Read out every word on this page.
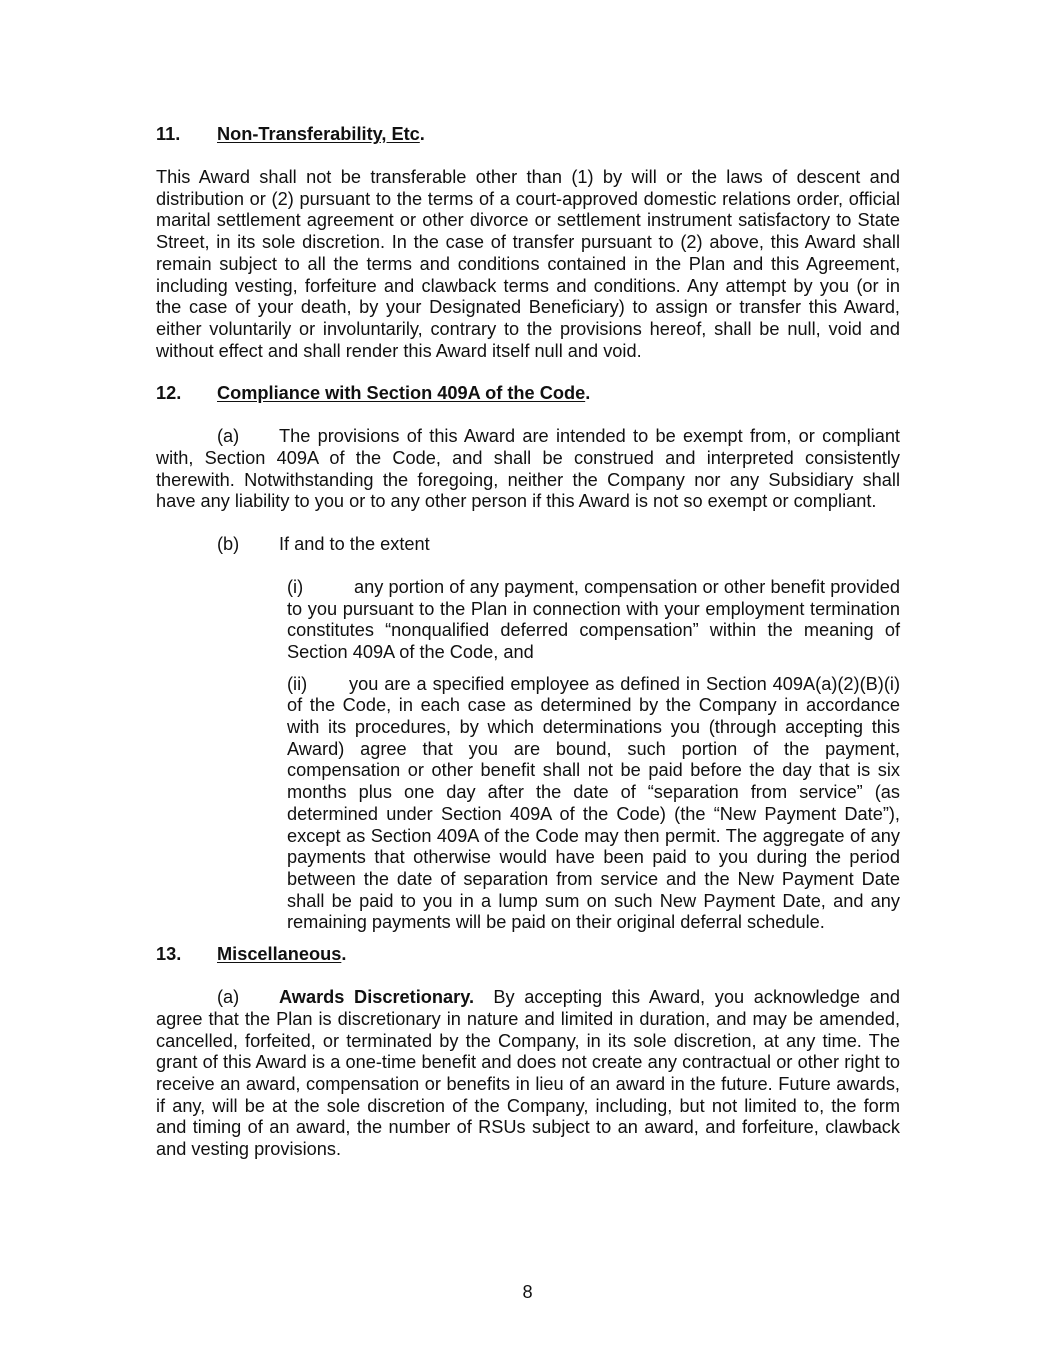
11.	Non-Transferability, Etc.

This Award shall not be transferable other than (1) by will or the laws of descent and distribution or (2) pursuant to the terms of a court-approved domestic relations order, official marital settlement agreement or other divorce or settlement instrument satisfactory to State Street, in its sole discretion. In the case of transfer pursuant to (2) above, this Award shall remain subject to all the terms and conditions contained in the Plan and this Agreement, including vesting, forfeiture and clawback terms and conditions. Any attempt by you (or in the case of your death, by your Designated Beneficiary) to assign or transfer this Award, either voluntarily or involuntarily, contrary to the provisions hereof, shall be null, void and without effect and shall render this Award itself null and void.

12.	Compliance with Section 409A of the Code.

(a) The provisions of this Award are intended to be exempt from, or compliant with, Section 409A of the Code, and shall be construed and interpreted consistently therewith. Notwithstanding the foregoing, neither the Company nor any Subsidiary shall have any liability to you or to any other person if this Award is not so exempt or compliant.

(b)	If and to the extent

(i)	any portion of any payment, compensation or other benefit provided to you pursuant to the Plan in connection with your employment termination constitutes “nonqualified deferred compensation” within the meaning of Section 409A of the Code, and

(ii) you are a specified employee as defined in Section 409A(a)(2)(B)(i) of the Code, in each case as determined by the Company in accordance with its procedures, by which determinations you (through accepting this Award) agree that you are bound, such portion of the payment, compensation or other benefit shall not be paid before the day that is six months plus one day after the date of “separation from service” (as determined under Section 409A of the Code) (the “New Payment Date”), except as Section 409A of the Code may then permit. The aggregate of any payments that otherwise would have been paid to you during the period between the date of separation from service and the New Payment Date shall be paid to you in a lump sum on such New Payment Date, and any remaining payments will be paid on their original deferral schedule.

13.	Miscellaneous.

(a) Awards Discretionary. By accepting this Award, you acknowledge and agree that the Plan is discretionary in nature and limited in duration, and may be amended, cancelled, forfeited, or terminated by the Company, in its sole discretion, at any time. The grant of this Award is a one-time benefit and does not create any contractual or other right to receive an award, compensation or benefits in lieu of an award in the future. Future awards, if any, will be at the sole discretion of the Company, including, but not limited to, the form and timing of an award, the number of RSUs subject to an award, and forfeiture, clawback and vesting provisions.

8
